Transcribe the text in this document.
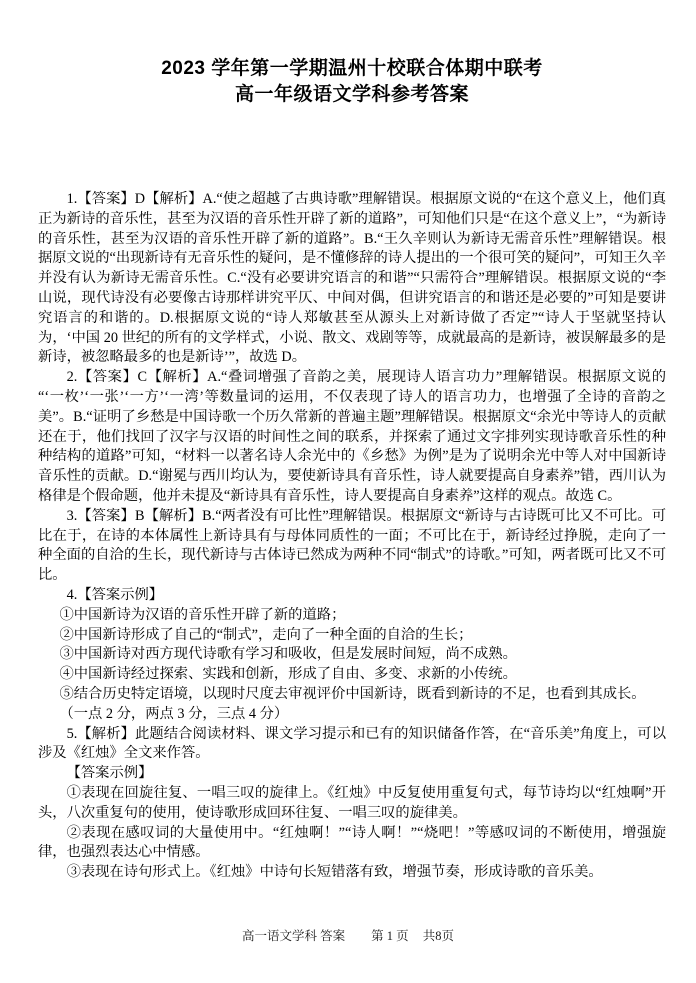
2023 学年第一学期温州十校联合体期中联考
高一年级语文学科参考答案

1.【答案】D【解析】A.“使之超越了古典诗歌”理解错误。根据原文说的“在这个意义上，他们真正为新诗的音乐性，甚至为汉语的音乐性开辟了新的道路”，可知他们只是“在这个意义上”，“为新诗的音乐性，甚至为汉语的音乐性开辟了新的道路”。B.“王久辛则认为新诗无需音乐性”理解错误。根据原文说的“出现新诗有无音乐性的疑问，是不懂修辞的诗人提出的一个很可笑的疑问”，可知王久辛并没有认为新诗无需音乐性。C.“没有必要讲究语言的和谐”“只需符合”理解错误。根据原文说的“李山说，现代诗没有必要像古诗那样讲究平仄、中间对偶，但讲究语言的和谐还是必要的”可知是要讲究语言的和谐的。D.根据原文说的“诗人郑敏甚至从源头上对新诗做了否定”“诗人于坚就坚持认为，‘中国 20 世纪的所有的文学样式，小说、散文、戏剧等等，成就最高的是新诗，被误解最多的是新诗，被忽略最多的也是新诗’”，故选 D。

2.【答案】C【解析】A.“叠词增强了音韵之美，展现诗人语言功力”理解错误。根据原文说的“‘一枚’‘一张’‘一方’‘一湾’等数量词的运用，不仅表现了诗人的语言功力，也增强了全诗的音韵之美”。B.“证明了乡愁是中国诗歌一个历久常新的普遍主题”理解错误。根据原文“余光中等诗人的贡献还在于，他们找回了汉字与汉语的时间性之间的联系，并探索了通过文字排列实现诗歌音乐性的种种结构的道路”可知，“材料一以著名诗人余光中的《乡愁》为例”是为了说明余光中等人对中国新诗音乐性的贡献。D.“谢冕与西川均认为，要使新诗具有音乐性，诗人就要提高自身素养”错，西川认为格律是个假命题，他并未提及“新诗具有音乐性，诗人要提高自身素养”这样的观点。故选 C。

3.【答案】B【解析】B.“两者没有可比性”理解错误。根据原文“新诗与古诗既可比又不可比。可比在于，在诗的本体属性上新诗具有与母体同质性的一面；不可比在于，新诗经过挣脱，走向了一种全面的自洽的生长，现代新诗与古体诗已然成为两种不同“制式”的诗歌。”可知，两者既可比又不可比。

4.【答案示例】

①中国新诗为汉语的音乐性开辟了新的道路；

②中国新诗形成了自己的“制式”，走向了一种全面的自洽的生长；

③中国新诗对西方现代诗歌有学习和吸收，但是发展时间短，尚不成熟。

④中国新诗经过探索、实践和创新，形成了自由、多变、求新的小传统。

⑤结合历史特定语境，以现时尺度去审视评价中国新诗，既看到新诗的不足，也看到其成长。

（一点 2 分，两点 3 分，三点 4 分）

5.【解析】此题结合阅读材料、课文学习提示和已有的知识储备作答，在“音乐美”角度上，可以涉及《红烛》全文来作答。

【答案示例】

①表现在回旋往复、一唱三叹的旋律上。《红烛》中反复使用重复句式，每节诗均以“红烛啊”开头，八次重复句的使用，使诗歌形成回环往复、一唱三叹的旋律美。

②表现在感叹词的大量使用中。“红烛啊！”“诗人啊！”“烧吧！”等感叹词的不断使用，增强旋律，也强烈表达心中情感。

③表现在诗句形式上。《红烛》中诗句长短错落有致，增强节奏，形成诗歌的音乐美。

高一语文学科 答案 第 1 页 共8页
